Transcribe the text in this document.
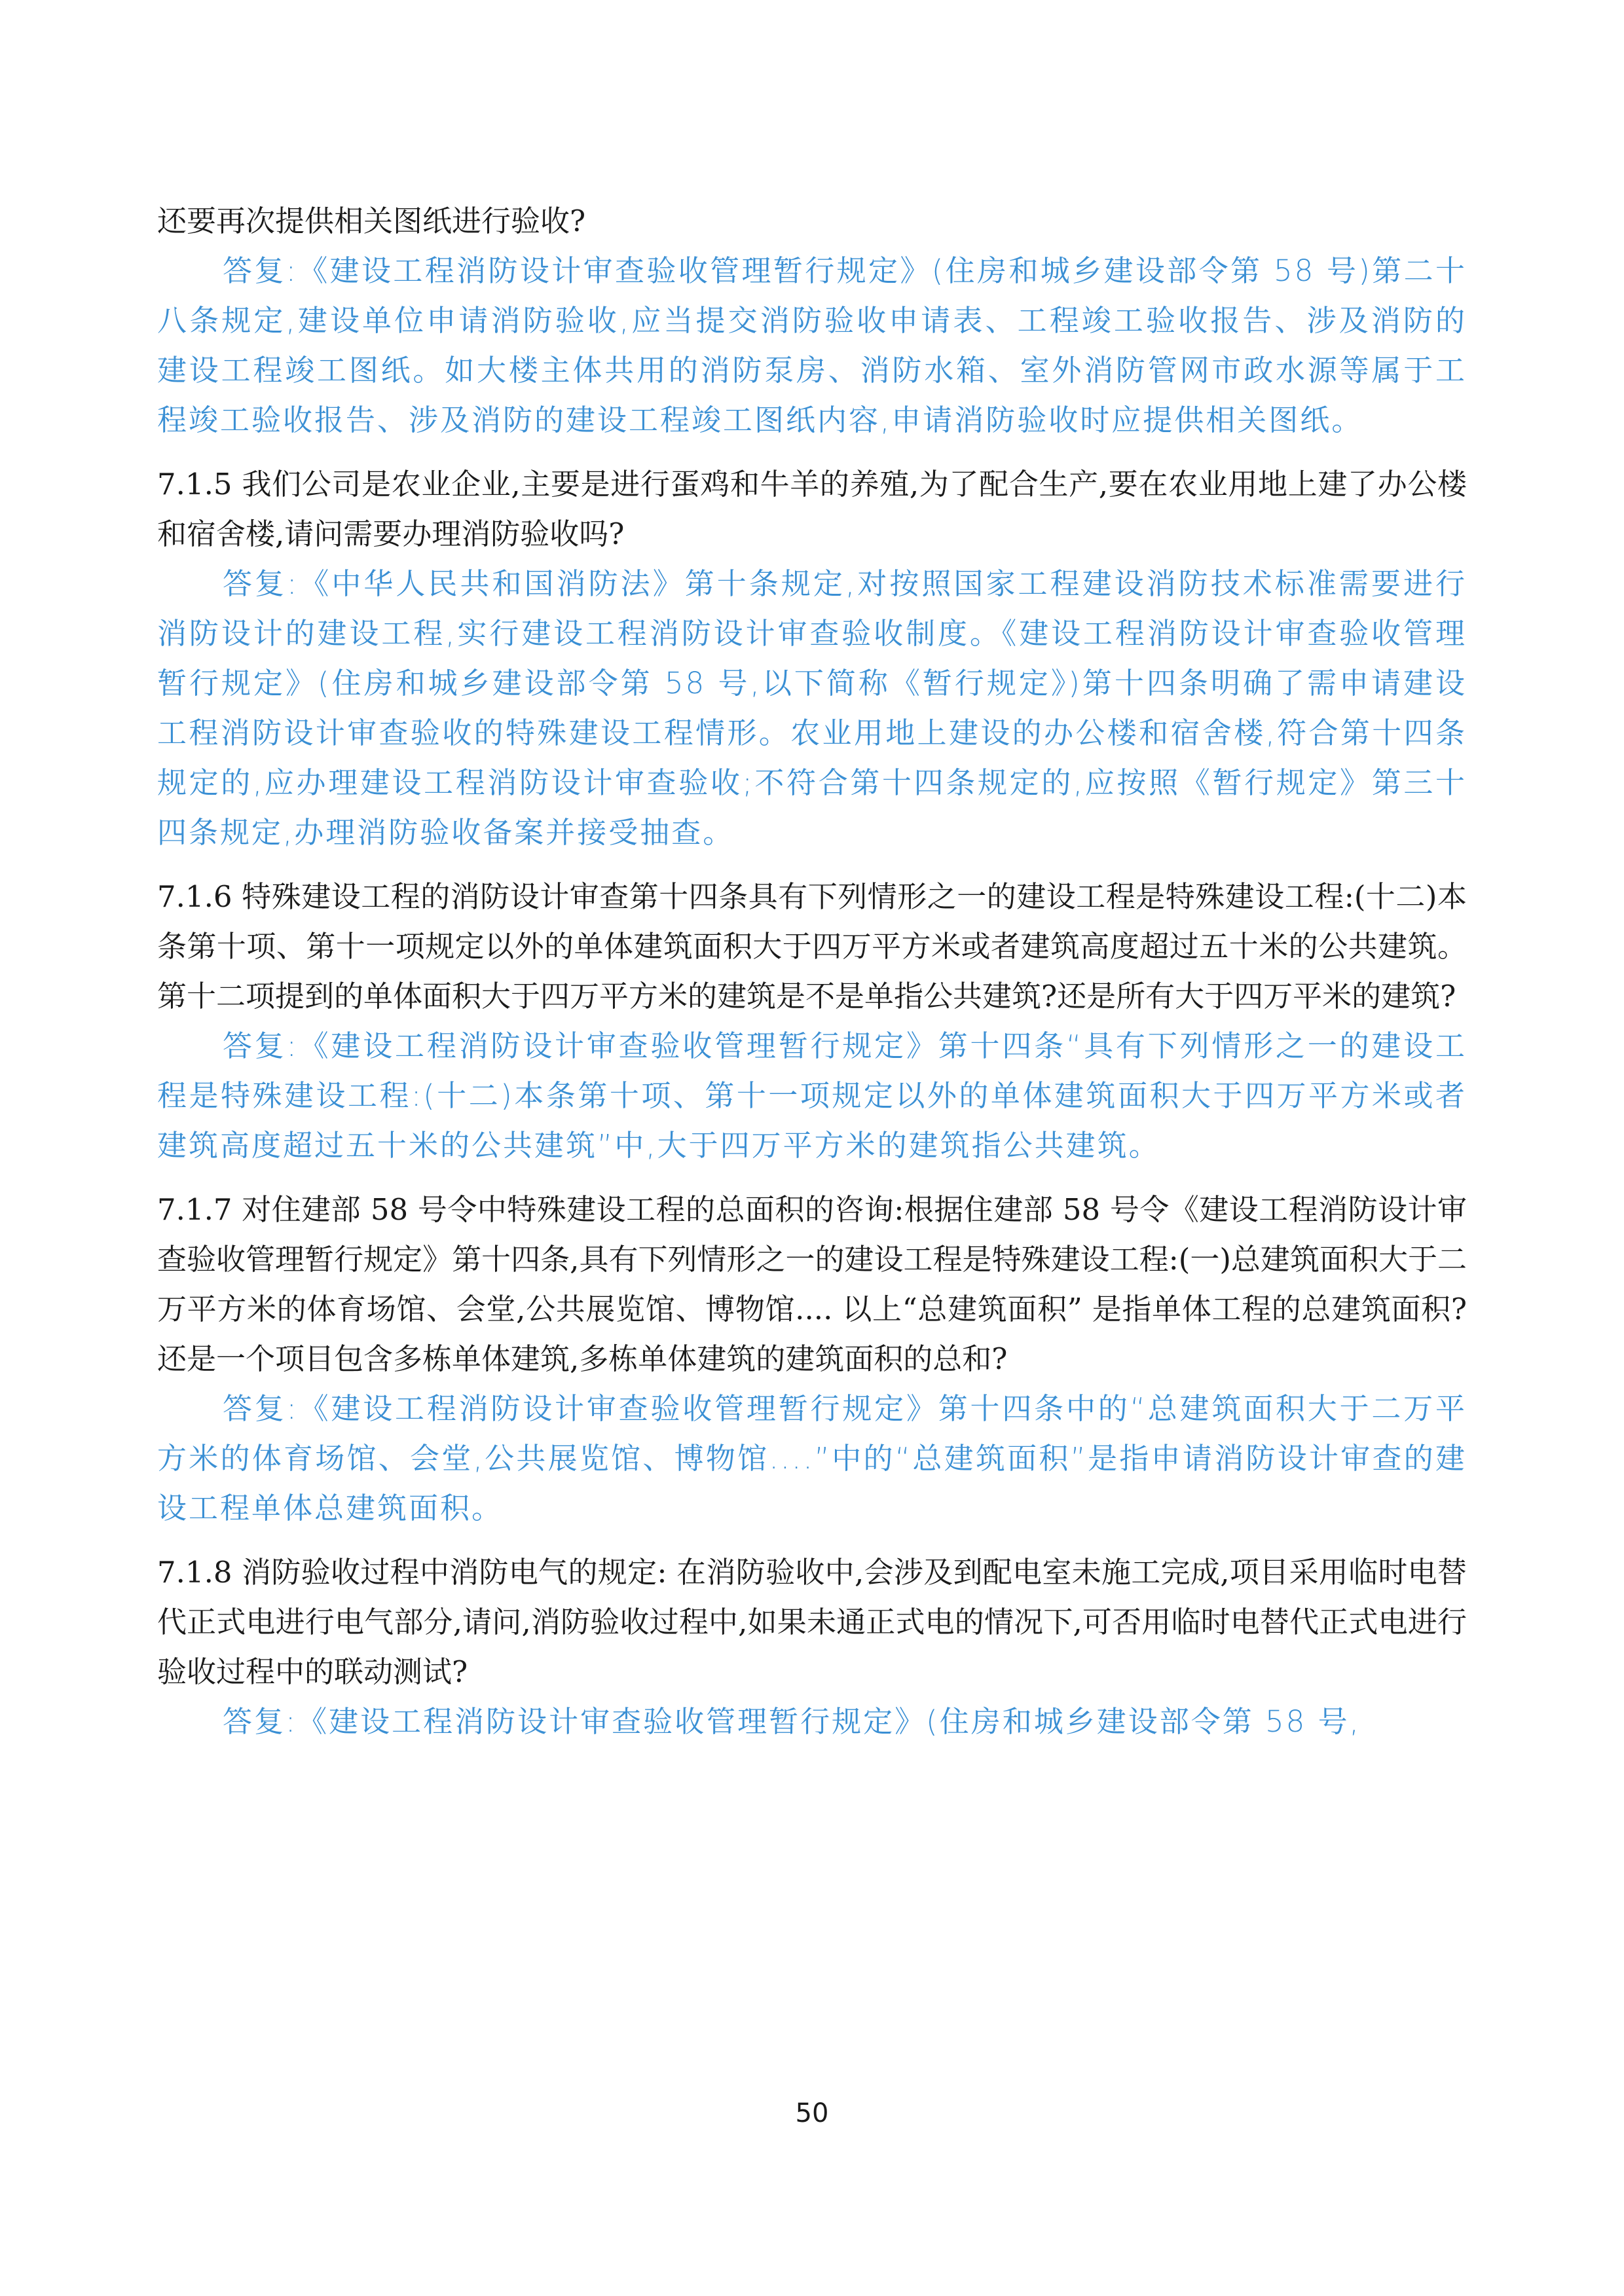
还要再次提供相关图纸进行验收?

答复:《建设工程消防设计审查验收管理暂行规定》(住房和城乡建设部令第 58 号)第二十八条规定,建设单位申请消防验收,应当提交消防验收申请表、工程竣工验收报告、涉及消防的建设工程竣工图纸。如大楼主体共用的消防泵房、消防水箱、室外消防管网市政水源等属于工程竣工验收报告、涉及消防的建设工程竣工图纸内容,申请消防验收时应提供相关图纸。

7.1.5 我们公司是农业企业,主要是进行蛋鸡和牛羊的养殖,为了配合生产,要在农业用地上建了办公楼和宿舍楼,请问需要办理消防验收吗?

答复:《中华人民共和国消防法》第十条规定,对按照国家工程建设消防技术标准需要进行消防设计的建设工程,实行建设工程消防设计审查验收制度。《建设工程消防设计审查验收管理暂行规定》(住房和城乡建设部令第 58 号,以下简称《暂行规定》)第十四条明确了需申请建设工程消防设计审查验收的特殊建设工程情形。农业用地上建设的办公楼和宿舍楼,符合第十四条规定的,应办理建设工程消防设计审查验收;不符合第十四条规定的,应按照《暂行规定》第三十四条规定,办理消防验收备案并接受抽查。

7.1.6 特殊建设工程的消防设计审查第十四条具有下列情形之一的建设工程是特殊建设工程:(十二)本条第十项、第十一项规定以外的单体建筑面积大于四万平方米或者建筑高度超过五十米的公共建筑。第十二项提到的单体面积大于四万平方米的建筑是不是单指公共建筑?还是所有大于四万平米的建筑?

答复:《建设工程消防设计审查验收管理暂行规定》第十四条“具有下列情形之一的建设工程是特殊建设工程:(十二)本条第十项、第十一项规定以外的单体建筑面积大于四万平方米或者建筑高度超过五十米的公共建筑”中,大于四万平方米的建筑指公共建筑。

7.1.7 对住建部 58 号令中特殊建设工程的总面积的咨询:根据住建部 58 号令《建设工程消防设计审查验收管理暂行规定》第十四条,具有下列情形之一的建设工程是特殊建设工程:(一)总建筑面积大于二万平方米的体育场馆、会堂,公共展览馆、博物馆.... 以上“总建筑面积” 是指单体工程的总建筑面积?还是一个项目包含多栋单体建筑,多栋单体建筑的建筑面积的总和?

答复:《建设工程消防设计审查验收管理暂行规定》第十四条中的“总建筑面积大于二万平方米的体育场馆、会堂,公共展览馆、博物馆....”中的“总建筑面积”是指申请消防设计审查的建设工程单体总建筑面积。

7.1.8 消防验收过程中消防电气的规定: 在消防验收中,会涉及到配电室未施工完成,项目采用临时电替代正式电进行电气部分,请问,消防验收过程中,如果未通正式电的情况下,可否用临时电替代正式电进行验收过程中的联动测试?

答复:《建设工程消防设计审查验收管理暂行规定》(住房和城乡建设部令第 58 号,

50
